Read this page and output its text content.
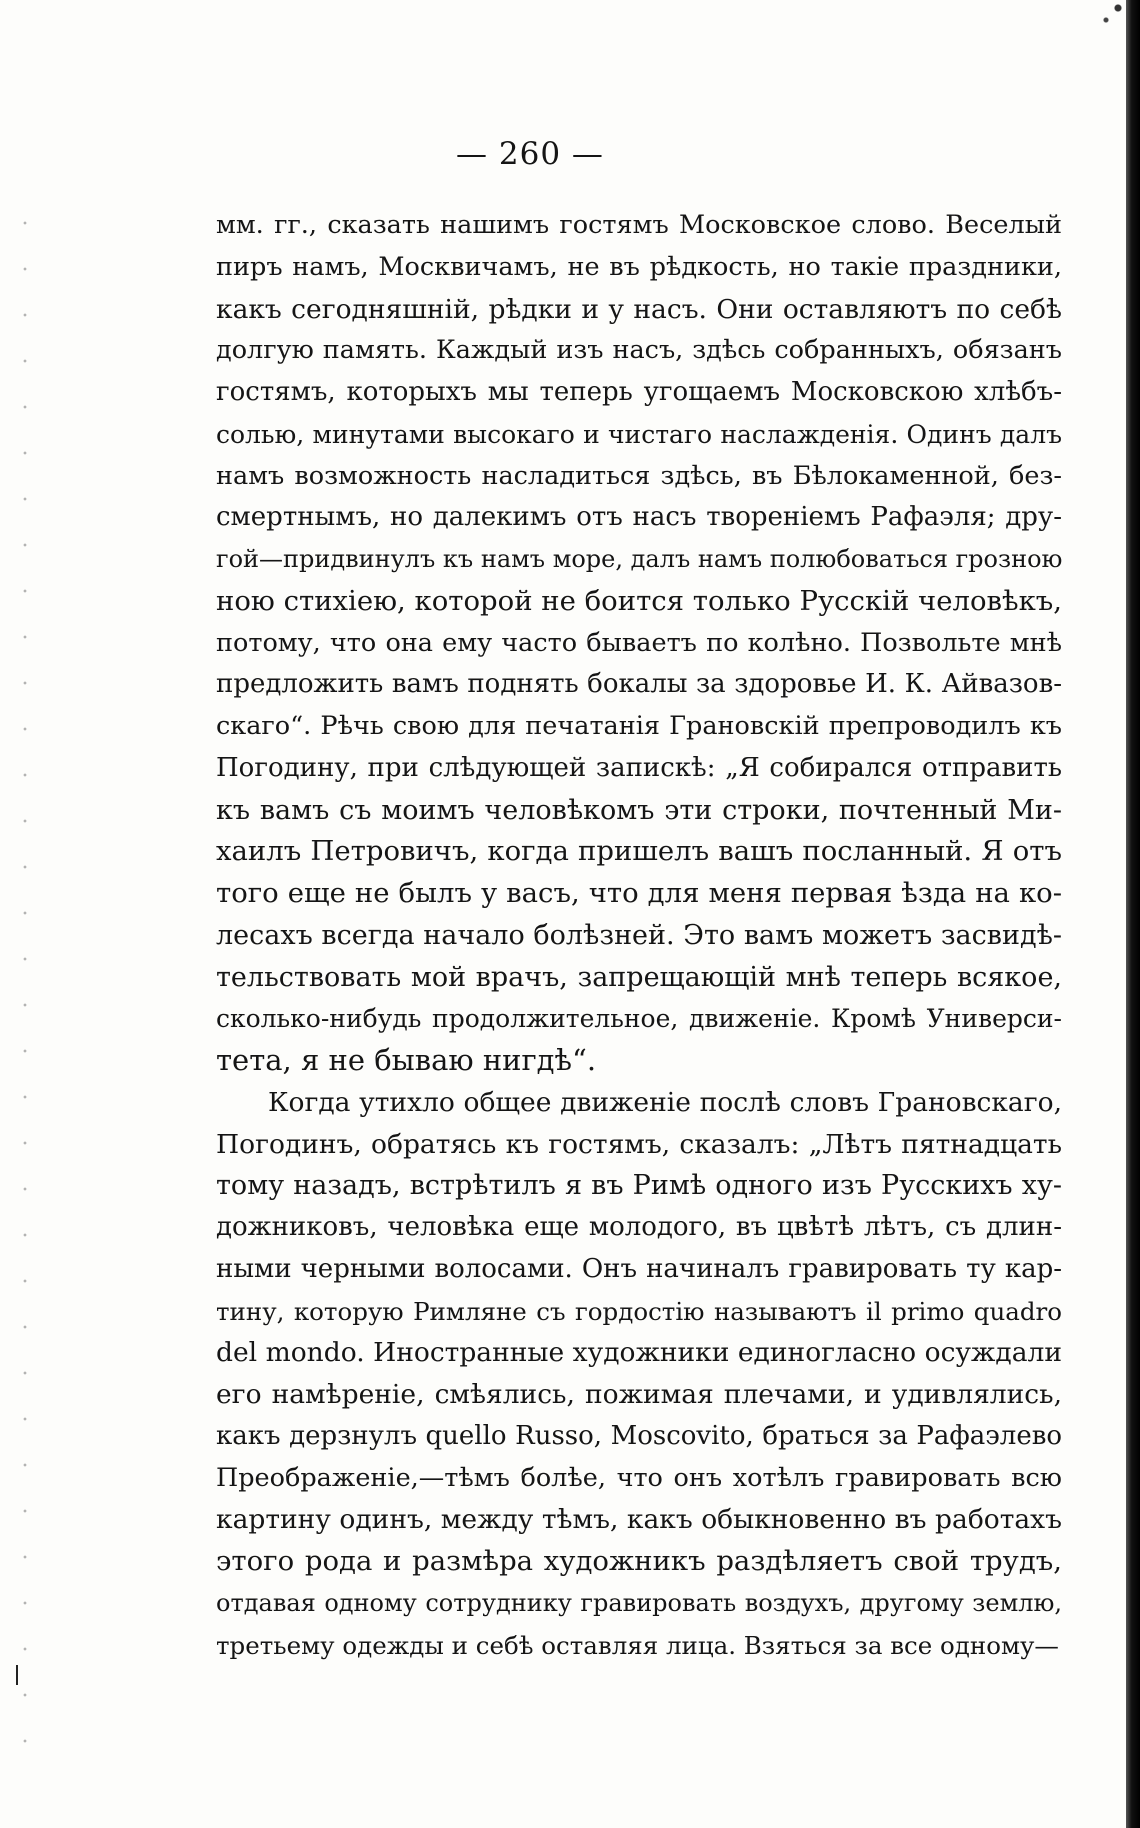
— 260 —
мм. гг., сказать нашимъ гостямъ Московское слово. Веселый
пиръ намъ, Москвичамъ, не въ рѣдкость, но такіе праздники,
какъ сегодняшній, рѣдки и у насъ. Они оставляютъ по себѣ
долгую память. Каждый изъ насъ, здѣсь собранныхъ, обязанъ
гостямъ, которыхъ мы теперь угощаемъ Московскою хлѣбъ-
солью, минутами высокаго и чистаго наслажденія. Одинъ далъ
намъ возможность насладиться здѣсь, въ Бѣлокаменной, без-
смертнымъ, но далекимъ отъ насъ твореніемъ Рафаэля; дру-
гой—придвинулъ къ намъ море, далъ намъ полюбоваться грозною
ною стихіею, которой не боится только Русскій человѣкъ,
потому, что она ему часто бываетъ по колѣно. Позвольте мнѣ
предложить вамъ поднять бокалы за здоровье И. К. Айвазов-
скаго“. Рѣчь свою для печатанія Грановскій препроводилъ къ
Погодину, при слѣдующей запискѣ: „Я собирался отправить
къ вамъ съ моимъ человѣкомъ эти строки, почтенный Ми-
хаилъ Петровичъ, когда пришелъ вашъ посланный. Я отъ
того еще не былъ у васъ, что для меня первая ѣзда на ко-
лесахъ всегда начало болѣзней. Это вамъ можетъ засвидѣ-
тельствовать мой врачъ, запрещающій мнѣ теперь всякое,
сколько-нибудь продолжительное, движеніе. Кромѣ Универси-
тета, я не бываю нигдѣ“.
Когда утихло общее движеніе послѣ словъ Грановскаго,
Погодинъ, обратясь къ гостямъ, сказалъ: „Лѣтъ пятнадцать
тому назадъ, встрѣтилъ я въ Римѣ одного изъ Русскихъ ху-
дожниковъ, человѣка еще молодого, въ цвѣтѣ лѣтъ, съ длин-
ными черными волосами. Онъ начиналъ гравировать ту кар-
тину, которую Римляне съ гордостію называютъ il primo quadro
del mondo. Иностранные художники единогласно осуждали
его намѣреніе, смѣялись, пожимая плечами, и удивлялись,
какъ дерзнулъ quello Russo, Moscovito, браться за Рафаэлево
Преображеніе,—тѣмъ болѣе, что онъ хотѣлъ гравировать всю
картину одинъ, между тѣмъ, какъ обыкновенно въ работахъ
этого рода и размѣра художникъ раздѣляетъ свой трудъ,
отдавая одному сотруднику гравировать воздухъ, другому землю,
третьему одежды и себѣ оставляя лица. Взяться за все одному—
